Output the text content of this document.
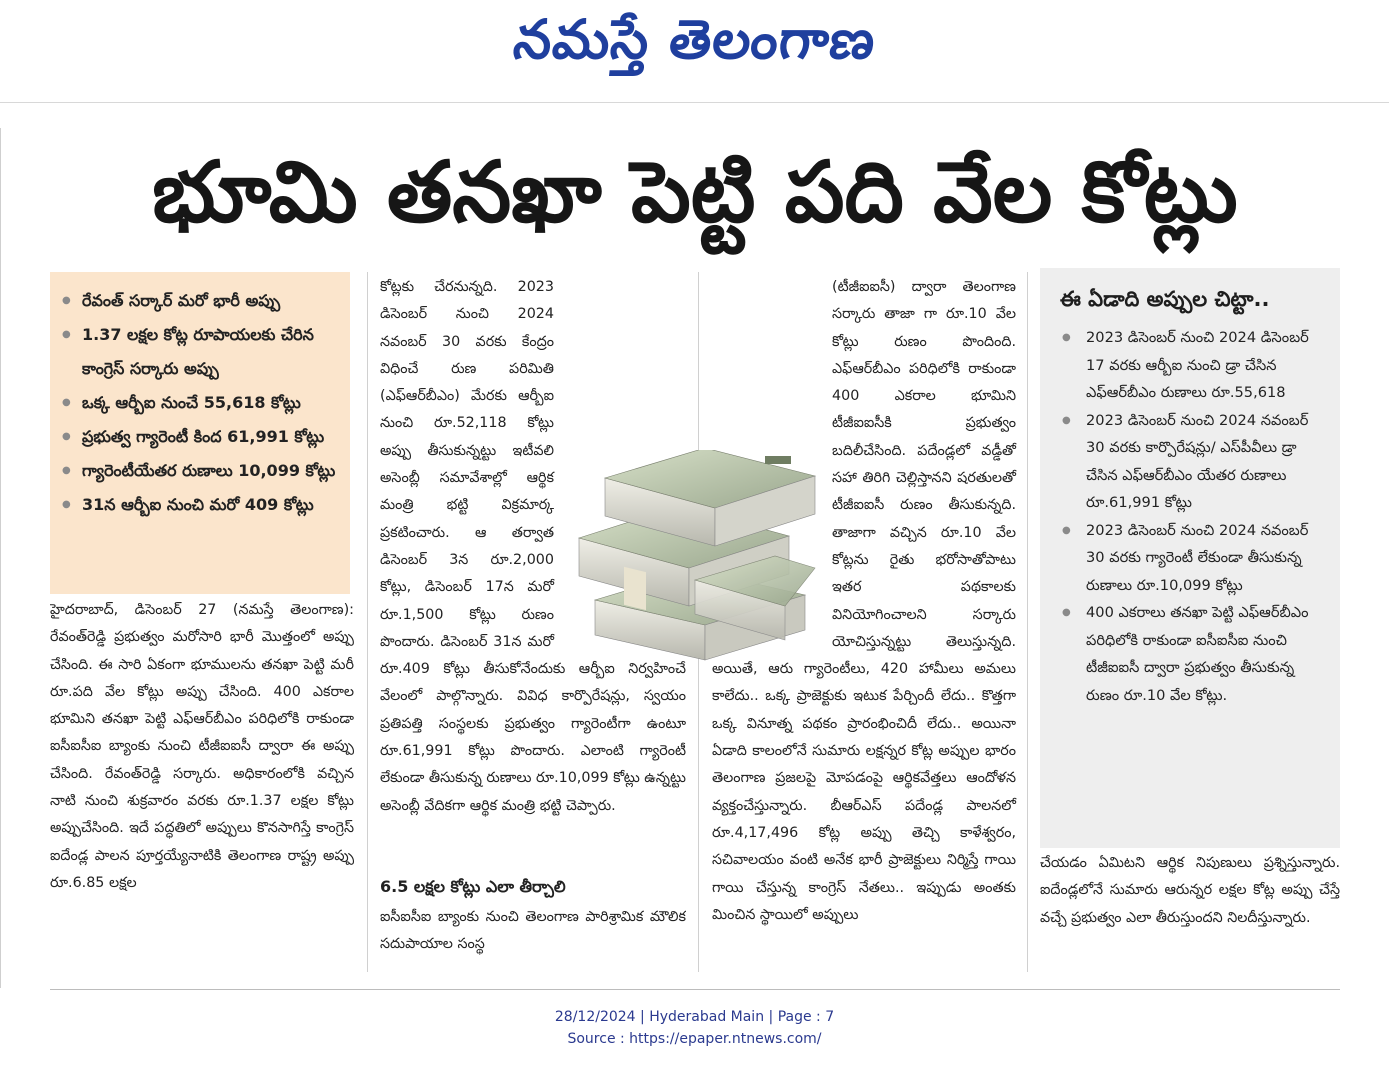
నమస్తే తెలంగాణ
భూమి తనఖా పెట్టి పది వేల కోట్లు
● రేవంత్ సర్కార్ మరో భారీ అప్పు
● 1.37 లక్షల కోట్ల రూపాయలకు చేరిన కాంగ్రెస్ సర్కారు అప్పు
● ఒక్క ఆర్బీఐ నుంచే 55,618 కోట్లు
● ప్రభుత్వ గ్యారెంటీ కింద 61,991 కోట్లు
● గ్యారెంటీయేతర రుణాలు 10,099 కోట్లు
● 31న ఆర్బీఐ నుంచి మరో 409 కోట్లు

హైదరాబాద్, డిసెంబర్ 27 (నమస్తే తెలంగాణ): రేవంత్‌రెడ్డి ప్రభుత్వం మరోసారి భారీ మొత్తంలో అప్పు చేసింది. ఈ సారి ఏకంగా భూములను తనఖా పెట్టి మరీ రూ.పది వేల కోట్లు అప్పు చేసింది. 400 ఎకరాల భూమిని తనఖా పెట్టి ఎఫ్‌ఆర్‌బీఎం పరిధిలోకి రాకుండా ఐసీఐసీఐ బ్యాంకు నుంచి టీజీఐఐసీ ద్వారా ఈ అప్పు చేసింది. రేవంత్‌రెడ్డి సర్కారు. అధికారంలోకి వచ్చిన నాటి నుంచి శుక్రవారం వరకు రూ.1.37 లక్షల కోట్లు అప్పుచేసింది. ఇదే పద్ధతిలో అప్పులు కొనసాగిస్తే కాంగ్రెస్ ఐదేండ్ల పాలన పూర్తయ్యేనాటికి తెలంగాణ రాష్ట్ర అప్పు రూ.6.85 లక్షల

కోట్లకు చేరనున్నది. 2023 డిసెంబర్ నుంచి 2024 నవంబర్ 30 వరకు కేంద్రం విధించే రుణ పరిమితి (ఎఫ్‌ఆర్‌బీఎం) మేరకు ఆర్బీఐ నుంచి రూ.52,118 కోట్లు అప్పు తీసుకున్నట్టు ఇటీవలి అసెంబ్లీ సమావేశాల్లో ఆర్థిక మంత్రి భట్టి విక్రమార్క ప్రకటించారు. ఆ తర్వాత డిసెంబర్ 3న రూ.2,000 కోట్లు, డిసెంబర్ 17న మరో రూ.1,500 కోట్లు రుణం పొందారు. డిసెంబర్ 31న మరో రూ.409 కోట్లు తీసుకోనేందుకు ఆర్బీఐ నిర్వహించే వేలంలో పాల్గొన్నారు. వివిధ కార్పొరేషన్లు, స్వయం ప్రతిపత్తి సంస్థలకు ప్రభుత్వం గ్యారెంటీగా ఉంటూ రూ.61,991 కోట్లు పొందారు. ఎలాంటి గ్యారెంటీ లేకుండా తీసుకున్న రుణాలు రూ.10,099 కోట్లు ఉన్నట్టు అసెంబ్లీ వేదికగా ఆర్థిక మంత్రి భట్టి చెప్పారు.

6.5 లక్షల కోట్లు ఎలా తీర్చాలి

ఐసీఐసీఐ బ్యాంకు నుంచి తెలంగాణ పారిశ్రామిక మౌలిక సదుపాయాల సంస్థ

(టీజీఐఐసీ) ద్వారా తెలంగాణ సర్కారు తాజా గా రూ.10 వేల కోట్లు రుణం పొందింది. ఎఫ్‌ఆర్‌బీఎం పరిధిలోకి రాకుండా 400 ఎకరాల భూమిని టీజీఐఐసీకి ప్రభుత్వం బదిలీచేసింది. పదేండ్లలో వడ్డీతో సహా తిరిగి చెల్లిస్తానని షరతులతో టీజీఐఐసీ రుణం తీసుకున్నది. తాజాగా వచ్చిన రూ.10 వేల కోట్లను రైతు భరోసాతోపాటు ఇతర పథకాలకు వినియోగించాలని సర్కారు యోచిస్తున్నట్టు తెలుస్తున్నది. అయితే, ఆరు గ్యారెంటీలు, 420 హామీలు అమలు కాలేదు.. ఒక్క ప్రాజెక్టుకు ఇటుక పేర్చిందీ లేదు.. కొత్తగా ఒక్క వినూత్న పథకం ప్రారంభించిదీ లేదు.. అయినా ఏడాది కాలంలోనే సుమారు లక్షన్నర కోట్ల అప్పుల భారం తెలంగాణ ప్రజలపై మోపడంపై ఆర్థికవేత్తలు ఆందోళన వ్యక్తంచేస్తున్నారు. బీఆర్ఎస్ పదేండ్ల పాలనలో రూ.4,17,496 కోట్ల అప్పు తెచ్చి కాళేశ్వరం, సచివాలయం వంటి అనేక భారీ ప్రాజెక్టులు నిర్మిస్తే గాయి గాయి చేస్తున్న కాంగ్రెస్ నేతలు.. ఇప్పుడు అంతకు మించిన స్థాయిలో అప్పులు

ఈ ఏడాది అప్పుల చిట్టా..
● 2023 డిసెంబర్ నుంచి 2024 డిసెంబర్ 17 వరకు ఆర్బీఐ నుంచి డ్రా చేసిన ఎఫ్‌ఆర్‌బీఎం రుణాలు రూ.55,618
● 2023 డిసెంబర్ నుంచి 2024 నవంబర్ 30 వరకు కార్పొరేషన్లు/ ఎస్‌పీవీలు డ్రా చేసిన ఎఫ్‌ఆర్‌బీఎం యేతర రుణాలు రూ.61,991 కోట్లు
● 2023 డిసెంబర్ నుంచి 2024 నవంబర్ 30 వరకు గ్యారెంటీ లేకుండా తీసుకున్న రుణాలు రూ.10,099 కోట్లు
● 400 ఎకరాలు తనఖా పెట్టి ఎఫ్‌ఆర్‌బీఎం పరిధిలోకి రాకుండా ఐసీఐసీఐ నుంచి టీజీఐఐసీ ద్వారా ప్రభుత్వం తీసుకున్న రుణం రూ.10 వేల కోట్లు.

చేయడం ఏమిటని ఆర్థిక నిపుణులు ప్రశ్నిస్తున్నారు. ఐదేండ్లలోనే సుమారు ఆరున్నర లక్షల కోట్ల అప్పు చేస్తే వచ్చే ప్రభుత్వం ఎలా తీరుస్తుందని నిలదీస్తున్నారు.

28/12/2024 | Hyderabad Main | Page : 7
Source : https://epaper.ntnews.com/
